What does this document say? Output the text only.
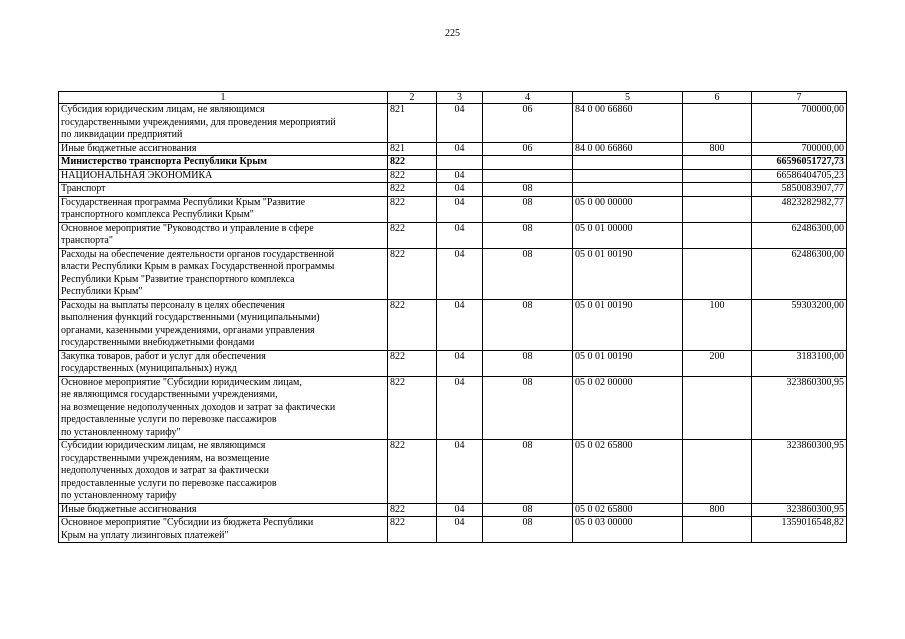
225
1	2	3	4	5	6	7
Субсидия юридическим лицам, не являющимся
государственными учреждениями, для проведения мероприятий
по ликвидации предприятий	821	04	06	84 0 00 66860		700000,00
Иные бюджетные ассигнования	821	04	06	84 0 00 66860	800	700000,00
Министерство транспорта Республики Крым	822					66596051727,73
НАЦИОНАЛЬНАЯ ЭКОНОМИКА	822	04				66586404705,23
Транспорт	822	04	08			5850083907,77
Государственная программа Республики Крым "Развитие
транспортного комплекса Республики Крым"	822	04	08	05 0 00 00000		4823282982,77
Основное мероприятие "Руководство и управление в сфере
транспорта"	822	04	08	05 0 01 00000		62486300,00
Расходы на обеспечение деятельности органов государственной
власти Республики Крым в рамках Государственной программы
Республики Крым "Развитие транспортного комплекса
Республики Крым"	822	04	08	05 0 01 00190		62486300,00
Расходы на выплаты персоналу в целях обеспечения
выполнения функций государственными (муниципальными)
органами, казенными учреждениями, органами управления
государственными внебюджетными фондами	822	04	08	05 0 01 00190	100	59303200,00
Закупка товаров, работ и услуг для обеспечения
государственных (муниципальных) нужд	822	04	08	05 0 01 00190	200	3183100,00
Основное мероприятие "Субсидии юридическим лицам,
не являющимся государственными учреждениями,
на возмещение недополученных доходов и затрат за фактически
предоставленные услуги по перевозке пассажиров
по установленному тарифу"	822	04	08	05 0 02 00000		323860300,95
Субсидии юридическим лицам, не являющимся
государственными учреждениям, на возмещение
недополученных доходов и затрат за фактически
предоставленные услуги по перевозке пассажиров
по установленному тарифу	822	04	08	05 0 02 65800		323860300,95
Иные бюджетные ассигнования	822	04	08	05 0 02 65800	800	323860300,95
Основное мероприятие "Субсидии из бюджета Республики
Крым на уплату лизинговых платежей"	822	04	08	05 0 03 00000		1359016548,82
